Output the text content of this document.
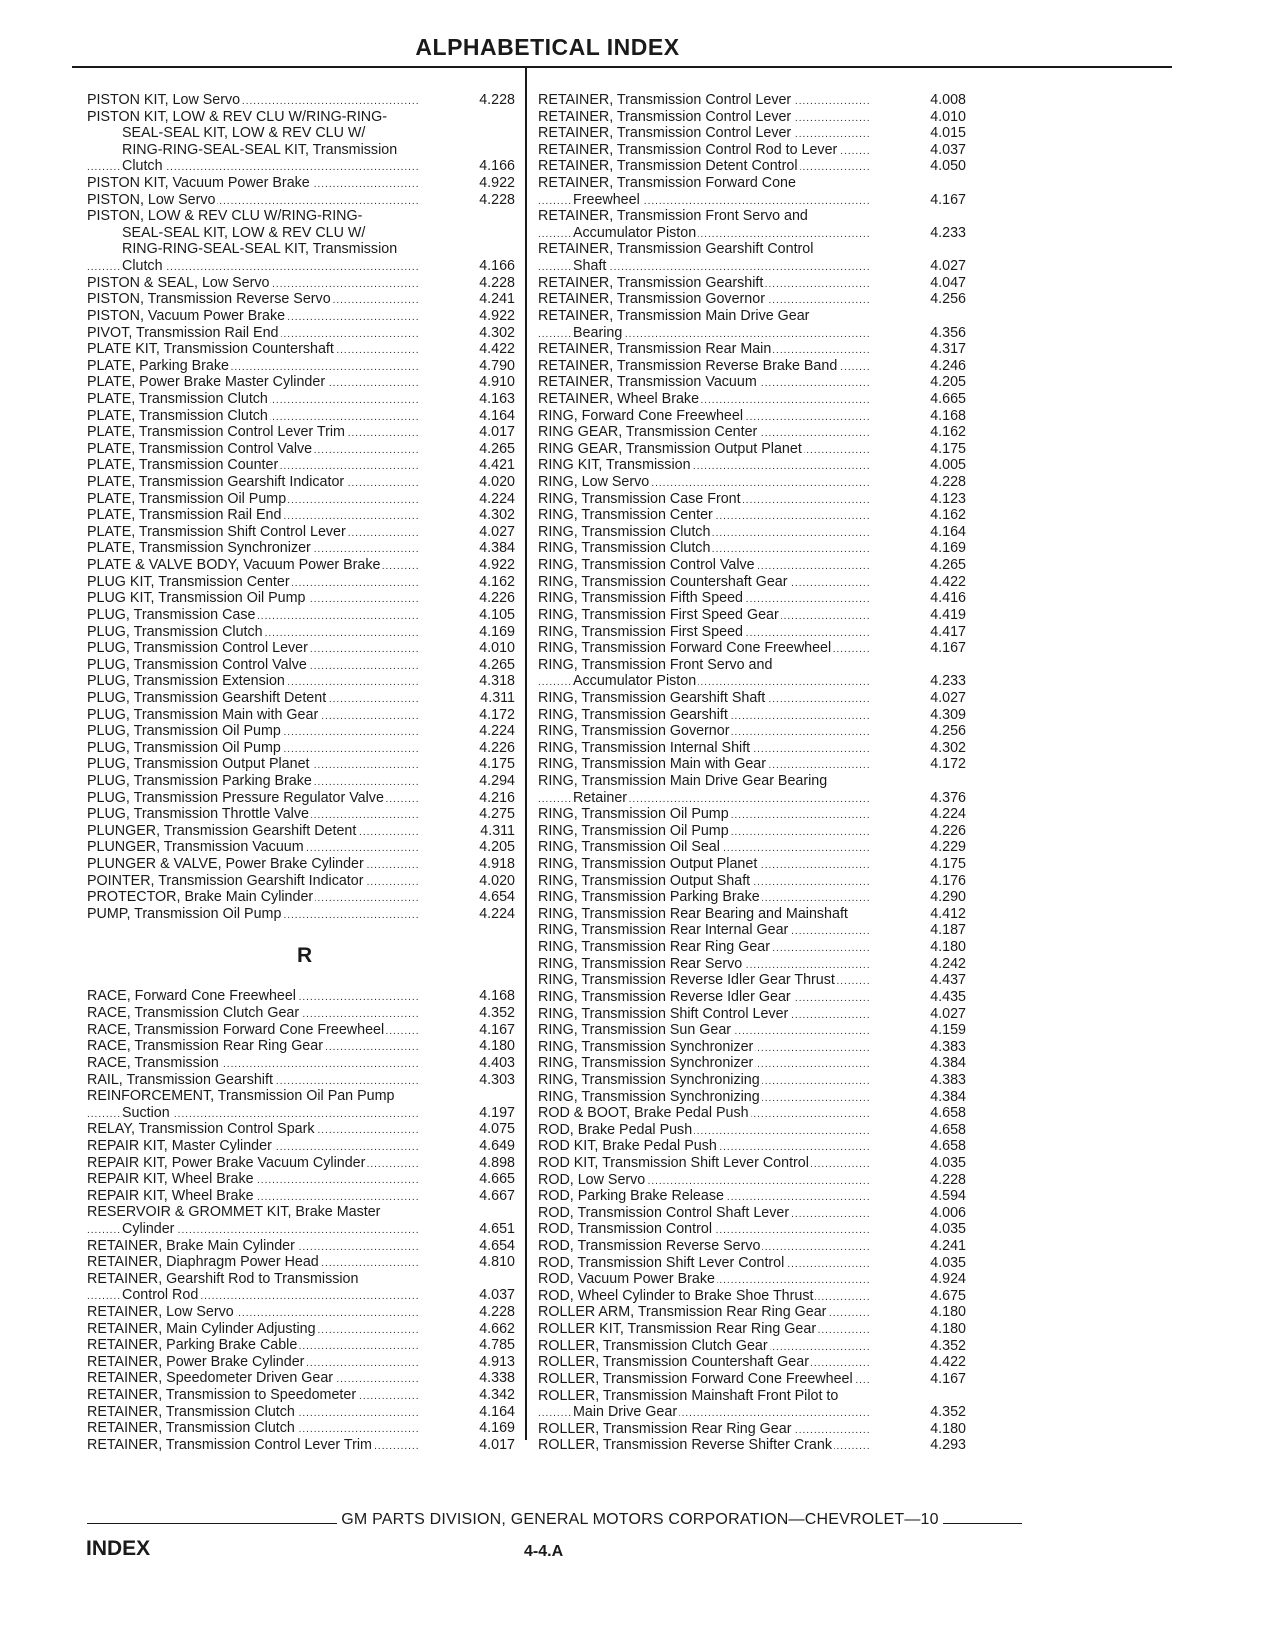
ALPHABETICAL INDEX
.....
PISTON KIT, Low Servo	4.228
PISTON KIT, LOW & REV CLU W/RING-RING-
SEAL-SEAL KIT, LOW & REV CLU W/
RING-RING-SEAL-SEAL KIT, Transmission
.....
Clutch	4.166
.....
PISTON KIT, Vacuum Power Brake	4.922
.....
PISTON, Low Servo	4.228
PISTON, LOW & REV CLU W/RING-RING-
SEAL-SEAL KIT, LOW & REV CLU W/
RING-RING-SEAL-SEAL KIT, Transmission
.....
Clutch	4.166
.....
PISTON & SEAL, Low Servo	4.228
.....
PISTON, Transmission Reverse Servo	4.241
.....
PISTON, Vacuum Power Brake	4.922
.....
PIVOT, Transmission Rail End	4.302
.....
PLATE KIT, Transmission Countershaft	4.422
.....
PLATE, Parking Brake	4.790
.....
PLATE, Power Brake Master Cylinder	4.910
.....
PLATE, Transmission Clutch	4.163
.....
PLATE, Transmission Clutch	4.164
.....
PLATE, Transmission Control Lever Trim	4.017
.....
PLATE, Transmission Control Valve	4.265
.....
PLATE, Transmission Counter	4.421
.....
PLATE, Transmission Gearshift Indicator	4.020
.....
PLATE, Transmission Oil Pump	4.224
.....
PLATE, Transmission Rail End	4.302
.....
PLATE, Transmission Shift Control Lever	4.027
.....
PLATE, Transmission Synchronizer	4.384
.....
PLATE & VALVE BODY, Vacuum Power Brake	4.922
.....
PLUG KIT, Transmission Center	4.162
.....
PLUG KIT, Transmission Oil Pump	4.226
.....
PLUG, Transmission Case	4.105
.....
PLUG, Transmission Clutch	4.169
.....
PLUG, Transmission Control Lever	4.010
.....
PLUG, Transmission Control Valve	4.265
.....
PLUG, Transmission Extension	4.318
.....
PLUG, Transmission Gearshift Detent	4.311
.....
PLUG, Transmission Main with Gear	4.172
.....
PLUG, Transmission Oil Pump	4.224
.....
PLUG, Transmission Oil Pump	4.226
.....
PLUG, Transmission Output Planet	4.175
.....
PLUG, Transmission Parking Brake	4.294
.....
PLUG, Transmission Pressure Regulator Valve	4.216
.....
PLUG, Transmission Throttle Valve	4.275
.....
PLUNGER, Transmission Gearshift Detent	4.311
.....
PLUNGER, Transmission Vacuum	4.205
.....
PLUNGER & VALVE, Power Brake Cylinder	4.918
.....
POINTER, Transmission Gearshift Indicator	4.020
.....
PROTECTOR, Brake Main Cylinder	4.654
.....
PUMP, Transmission Oil Pump	4.224
R
.....
RACE, Forward Cone Freewheel	4.168
.....
RACE, Transmission Clutch Gear	4.352
.....
RACE, Transmission Forward Cone Freewheel	4.167
.....
RACE, Transmission Rear Ring Gear	4.180
.....
RACE, Transmission	4.403
.....
RAIL, Transmission Gearshift	4.303
REINFORCEMENT, Transmission Oil Pan Pump
.....
Suction	4.197
.....
RELAY, Transmission Control Spark	4.075
.....
REPAIR KIT, Master Cylinder	4.649
.....
REPAIR KIT, Power Brake Vacuum Cylinder	4.898
.....
REPAIR KIT, Wheel Brake	4.665
.....
REPAIR KIT, Wheel Brake	4.667
RESERVOIR & GROMMET KIT, Brake Master
.....
Cylinder	4.651
.....
RETAINER, Brake Main Cylinder	4.654
.....
RETAINER, Diaphragm Power Head	4.810
RETAINER, Gearshift Rod to Transmission
.....
Control Rod	4.037
.....
RETAINER, Low Servo	4.228
.....
RETAINER, Main Cylinder Adjusting	4.662
.....
RETAINER, Parking Brake Cable	4.785
.....
RETAINER, Power Brake Cylinder	4.913
.....
RETAINER, Speedometer Driven Gear	4.338
.....
RETAINER, Transmission to Speedometer	4.342
.....
RETAINER, Transmission Clutch	4.164
.....
RETAINER, Transmission Clutch	4.169
.....
RETAINER, Transmission Control Lever Trim	4.017
.....
RETAINER, Transmission Control Lever	4.008
.....
RETAINER, Transmission Control Lever	4.010
.....
RETAINER, Transmission Control Lever	4.015
.....
RETAINER, Transmission Control Rod to Lever	4.037
.....
RETAINER, Transmission Detent Control	4.050
RETAINER, Transmission Forward Cone
.....
Freewheel	4.167
RETAINER, Transmission Front Servo and
.....
Accumulator Piston	4.233
RETAINER, Transmission Gearshift Control
.....
Shaft	4.027
.....
RETAINER, Transmission Gearshift	4.047
.....
RETAINER, Transmission Governor	4.256
RETAINER, Transmission Main Drive Gear
.....
Bearing	4.356
.....
RETAINER, Transmission Rear Main	4.317
.....
RETAINER, Transmission Reverse Brake Band	4.246
.....
RETAINER, Transmission Vacuum	4.205
.....
RETAINER, Wheel Brake	4.665
.....
RING, Forward Cone Freewheel	4.168
.....
RING GEAR, Transmission Center	4.162
.....
RING GEAR, Transmission Output Planet	4.175
.....
RING KIT, Transmission	4.005
.....
RING, Low Servo	4.228
.....
RING, Transmission Case Front	4.123
.....
RING, Transmission Center	4.162
.....
RING, Transmission Clutch	4.164
.....
RING, Transmission Clutch	4.169
.....
RING, Transmission Control Valve	4.265
.....
RING, Transmission Countershaft Gear	4.422
.....
RING, Transmission Fifth Speed	4.416
.....
RING, Transmission First Speed Gear	4.419
.....
RING, Transmission First Speed	4.417
.....
RING, Transmission Forward Cone Freewheel	4.167
RING, Transmission Front Servo and
.....
Accumulator Piston	4.233
.....
RING, Transmission Gearshift Shaft	4.027
.....
RING, Transmission Gearshift	4.309
.....
RING, Transmission Governor	4.256
.....
RING, Transmission Internal Shift	4.302
.....
RING, Transmission Main with Gear	4.172
RING, Transmission Main Drive Gear Bearing
.....
Retainer	4.376
.....
RING, Transmission Oil Pump	4.224
.....
RING, Transmission Oil Pump	4.226
.....
RING, Transmission Oil Seal	4.229
.....
RING, Transmission Output Planet	4.175
.....
RING, Transmission Output Shaft	4.176
.....
RING, Transmission Parking Brake	4.290
RING, Transmission Rear Bearing and Mainshaft	4.412
.....
RING, Transmission Rear Internal Gear	4.187
.....
RING, Transmission Rear Ring Gear	4.180
.....
RING, Transmission Rear Servo	4.242
.....
RING, Transmission Reverse Idler Gear Thrust	4.437
.....
RING, Transmission Reverse Idler Gear	4.435
.....
RING, Transmission Shift Control Lever	4.027
.....
RING, Transmission Sun Gear	4.159
.....
RING, Transmission Synchronizer	4.383
.....
RING, Transmission Synchronizer	4.384
.....
RING, Transmission Synchronizing	4.383
.....
RING, Transmission Synchronizing	4.384
.....
ROD & BOOT, Brake Pedal Push	4.658
.....
ROD, Brake Pedal Push	4.658
.....
ROD KIT, Brake Pedal Push	4.658
.....
ROD KIT, Transmission Shift Lever Control	4.035
.....
ROD, Low Servo	4.228
.....
ROD, Parking Brake Release	4.594
.....
ROD, Transmission Control Shaft Lever	4.006
.....
ROD, Transmission Control	4.035
.....
ROD, Transmission Reverse Servo	4.241
.....
ROD, Transmission Shift Lever Control	4.035
.....
ROD, Vacuum Power Brake	4.924
.....
ROD, Wheel Cylinder to Brake Shoe Thrust	4.675
.....
ROLLER ARM, Transmission Rear Ring Gear	4.180
.....
ROLLER KIT, Transmission Rear Ring Gear	4.180
.....
ROLLER, Transmission Clutch Gear	4.352
.....
ROLLER, Transmission Countershaft Gear	4.422
.....
ROLLER, Transmission Forward Cone Freewheel	4.167
ROLLER, Transmission Mainshaft Front Pilot to
.....
Main Drive Gear	4.352
.....
ROLLER, Transmission Rear Ring Gear	4.180
.....
ROLLER, Transmission Reverse Shifter Crank	4.293
GM PARTS DIVISION, GENERAL MOTORS CORPORATION—CHEVROLET—10
INDEX	4-4.A
